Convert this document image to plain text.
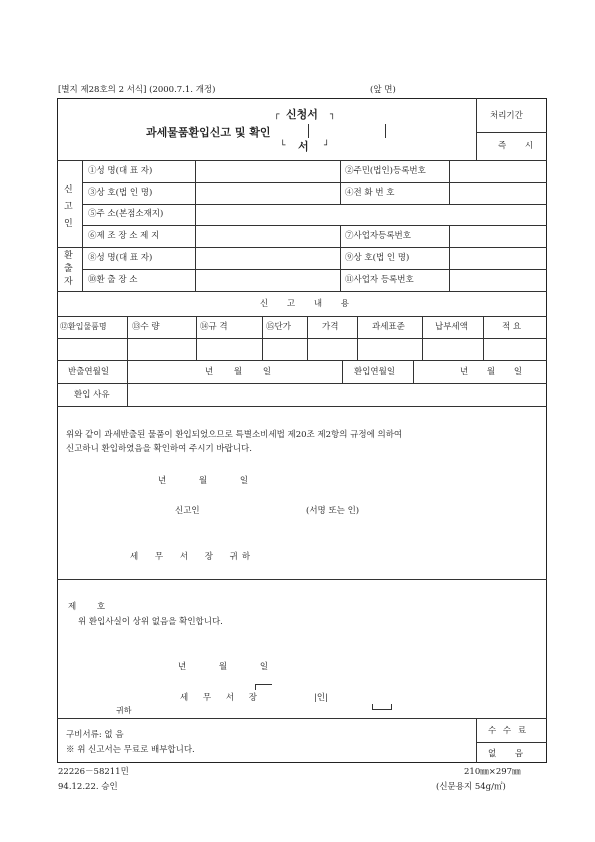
[별지 제28호의 2 서식] (2000.7.1. 개정)	(앞 면)
과세물품환입신고 및 확인
┌ 신청서 ┐
└ 서 ┘
처리기간
즉 시
신 고 인
①성 명(대 표 자)	②주민(법인)등록번호
③상 호(법 인 명)	④전 화 번 호
⑤주 소(본점소재지)
⑥제 조 장 소 제 지	⑦사업자등록번호
환 출 자
⑧성 명(대 표 자)	⑨상 호(법 인 명)
⑩환 출 장 소	⑪사업자 등록번호
신 고 내 용
⑫환입물품명	⑬수 량	⑭규 격	⑮단가	가격	과세표준	납부세액	적 요
반출연월일	년 월 일	환입연월일	년 월 일
환입 사유
위와 같이 과세반출된 물품이 환입되었으므로 특별소비세법 제20조 제2항의 규정에 의하여
신고하니 환입하였음을 확인하여 주시기 바랍니다.
년 월 일
신고인	(서명 또는 인)
세 무 서 장 귀하
제 호
위 환입사실이 상위 없음을 확인합니다.
년 월 일
세 무 서 장	|인|
귀하
구비서류: 없 음
※ 위 신고서는 무료로 배부합니다.
수 수 료
없 음
22226－58211민
94.12.22. 승인
210㎜×297㎜
(신문용지 54g/㎡)
